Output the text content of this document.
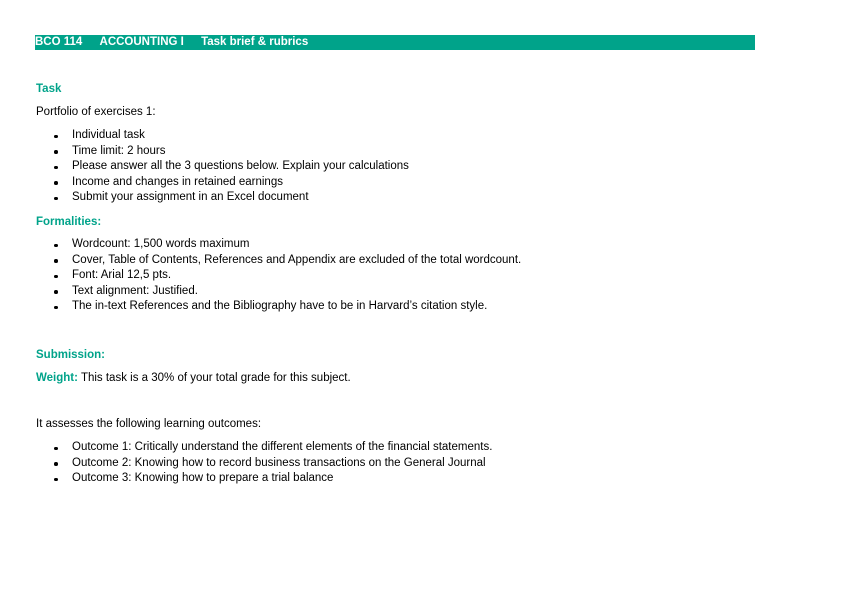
BCO 114 ACCOUNTING I Task brief & rubrics
Task
Portfolio of exercises 1:
Individual task
Time limit: 2 hours
Please answer all the 3 questions below. Explain your calculations
Income and changes in retained earnings
Submit your assignment in an Excel document
Formalities:
Wordcount: 1,500 words maximum
Cover, Table of Contents, References and Appendix are excluded of the total wordcount.
Font: Arial 12,5 pts.
Text alignment: Justified.
The in-text References and the Bibliography have to be in Harvard’s citation style.
Submission:
Weight: This task is a 30% of your total grade for this subject.
It assesses the following learning outcomes:
Outcome 1: Critically understand the different elements of the financial statements.
Outcome 2: Knowing how to record business transactions on the General Journal
Outcome 3: Knowing how to prepare a trial balance
